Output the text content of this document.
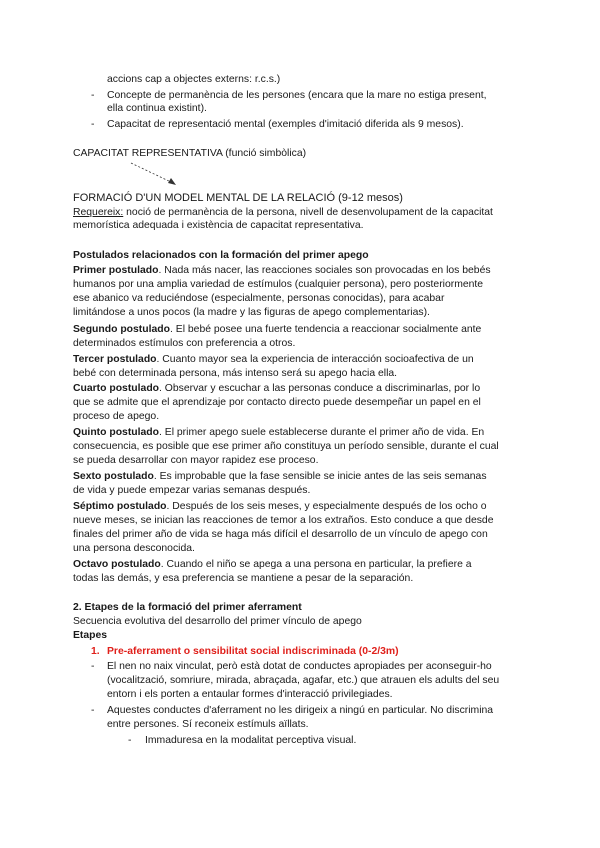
accions cap a objectes externs: r.c.s.)
- Concepte de permanència de les persones (encara que la mare no estiga present,
ella continua existint).
- Capacitat de representació mental (exemples d'imitació diferida als 9 mesos).
CAPACITAT REPRESENTATIVA (funció simbòlica)
FORMACIÓ D'UN MODEL MENTAL DE LA RELACIÓ (9-12 mesos)
Requereix: noció de permanència de la persona, nivell de desenvolupament de la capacitat
memorística adequada i existència de capacitat representativa.
Postulados relacionados con la formación del primer apego
Primer postulado. Nada más nacer, las reacciones sociales son provocadas en los bebés
humanos por una amplia variedad de estímulos (cualquier persona), pero posteriormente
ese abanico va reduciéndose (especialmente, personas conocidas), para acabar
limitándose a unos pocos (la madre y las figuras de apego complementarias).
Segundo postulado. El bebé posee una fuerte tendencia a reaccionar socialmente ante
determinados estímulos con preferencia a otros.
Tercer postulado. Cuanto mayor sea la experiencia de interacción socioafectiva de un
bebé con determinada persona, más intenso será su apego hacia ella.
Cuarto postulado. Observar y escuchar a las personas conduce a discriminarlas, por lo
que se admite que el aprendizaje por contacto directo puede desempeñar un papel en el
proceso de apego.
Quinto postulado. El primer apego suele establecerse durante el primer año de vida. En
consecuencia, es posible que ese primer año constituya un período sensible, durante el cual
se pueda desarrollar con mayor rapidez ese proceso.
Sexto postulado. Es improbable que la fase sensible se inicie antes de las seis semanas
de vida y puede empezar varias semanas después.
Séptimo postulado. Después de los seis meses, y especialmente después de los ocho o
nueve meses, se inician las reacciones de temor a los extraños. Esto conduce a que desde
finales del primer año de vida se haga más difícil el desarrollo de un vínculo de apego con
una persona desconocida.
Octavo postulado. Cuando el niño se apega a una persona en particular, la prefiere a
todas las demás, y esa preferencia se mantiene a pesar de la separación.
2. Etapes de la formació del primer aferrament
Secuencia evolutiva del desarrollo del primer vínculo de apego
Etapes
1. Pre-aferrament o sensibilitat social indiscriminada (0-2/3m)
- El nen no naix vinculat, però està dotat de conductes apropiades per aconseguir-ho
(vocalització, somriure, mirada, abraçada, agafar, etc.) que atrauen els adults del seu
entorn i els porten a entaular formes d'interacció privilegiades.
- Aquestes conductes d'aferrament no les dirigeix a ningú en particular. No discrimina
entre persones. Sí reconeix estímuls aïllats.
- Immaduresa en la modalitat perceptiva visual.
